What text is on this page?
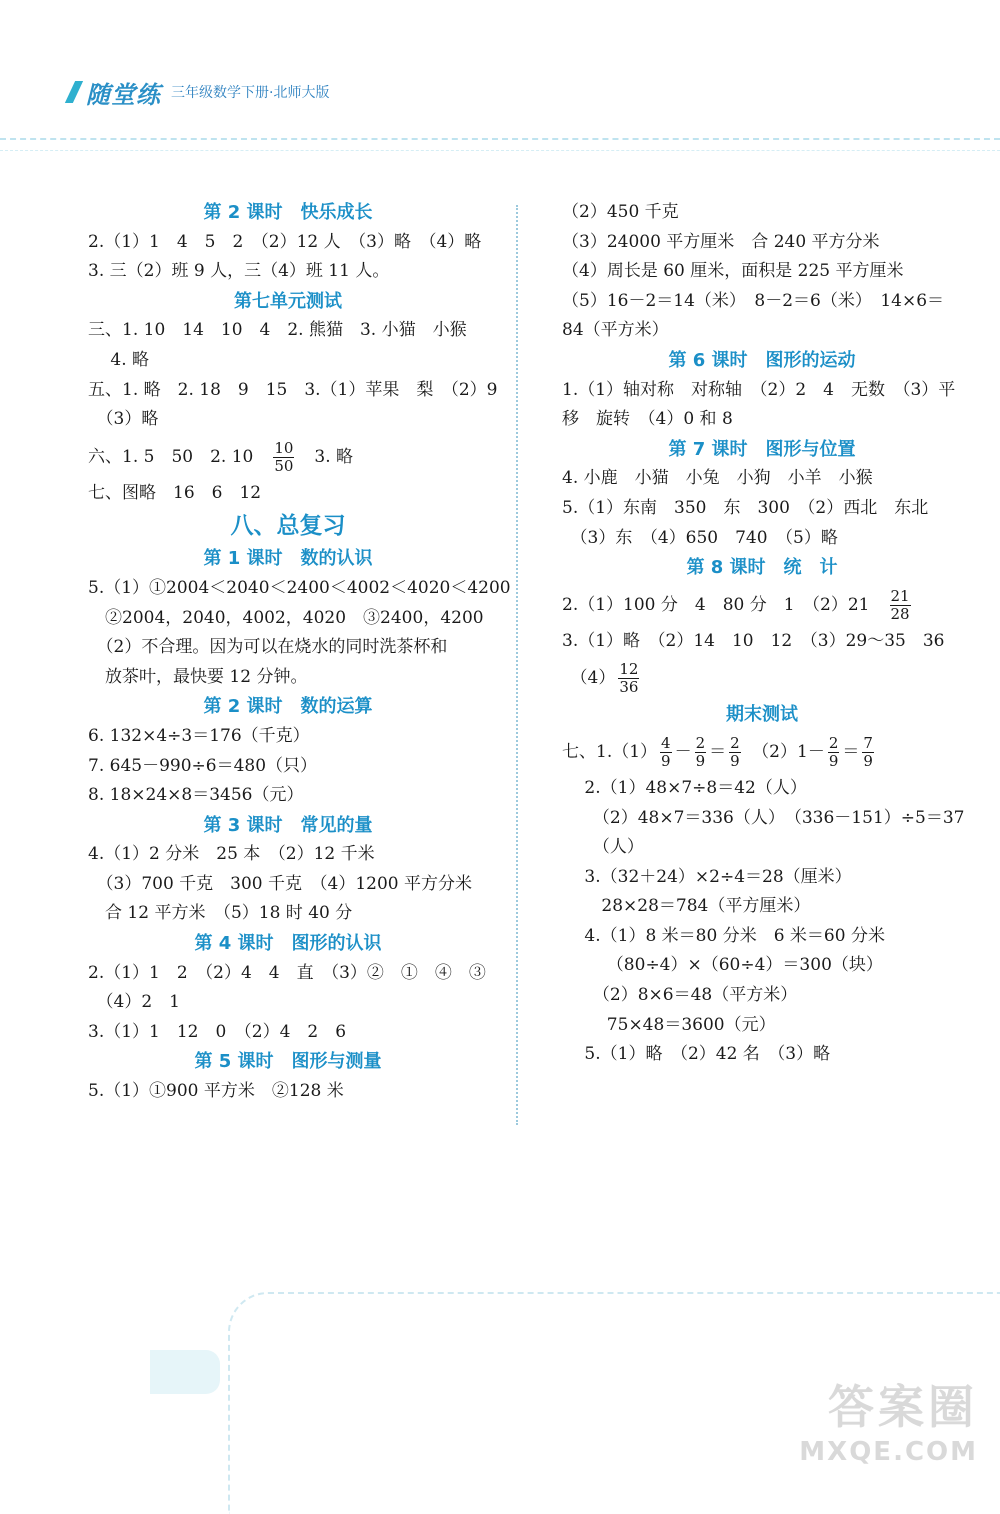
随堂练 三年级数学下册·北师大版
第 2 课时　快乐成长
2.（1）1　4　5　2　（2）12 人　（3）略　（4）略
3. 三（2）班 9 人，三（4）班 11 人。
第七单元测试
三、1. 10　14　10　4　2. 熊猫　3. 小猫　小猴
　 4. 略
五、1. 略　2. 18　9　15　3.（1）苹果　梨　（2）9
　（3）略
六、1. 5　50　2. 10　 $\frac{10}{50}$ 　3. 略
七、图略　16　6　12
八、总复习
第 1 课时　数的认识
5.（1）①2004＜2040＜2400＜4002＜4020＜4200
　②2004，2040，4002，4020　③2400，4200
　（2）不合理。因为可以在烧水的同时洗茶杯和
　放茶叶，最快要 12 分钟。
第 2 课时　数的运算
6. 132×4÷3＝176（千克）
7. 645－990÷6＝480（只）
8. 18×24×8＝3456（元）
第 3 课时　常见的量
4.（1）2 分米　25 本　（2）12 千米
　（3）700 千克　300 千克　（4）1200 平方分米
　合 12 平方米　（5）18 时 40 分
第 4 课时　图形的认识
2.（1）1　2　（2）4　4　直　（3）②　①　④　③
　（4）2　1
3.（1）1　12　0　（2）4　2　6
第 5 课时　图形与测量
5.（1）①900 平方米　②128 米
（2）450 千克
（3）24000 平方厘米　合 240 平方分米
（4）周长是 60 厘米，面积是 225 平方厘米
（5）16－2＝14（米）　8－2＝6（米）　14×6＝
84（平方米）
第 6 课时　图形的运动
1.（1）轴对称　对称轴　（2）2　4　无数　（3）平
移　旋转　（4）0 和 8
第 7 课时　图形与位置
4. 小鹿　小猫　小兔　小狗　小羊　小猴
5.（1）东南　350　东　300　（2）西北　东北
　（3）东　（4）650　740　（5）略
第 8 课时　统　计
2.（1）100 分　4　80 分　1　（2）21　 $\frac{21}{28}$
3.（1）略　（2）14　10　12　（3）29～35　36
　$(4) \frac{12}{36}$
期末测试
七、$1.(1) \frac{4}{9} - \frac{2}{9} = \frac{2}{9}$ 　$(2)1- \frac{2}{9} = \frac{7}{9}$
　 2.（1）48×7÷8＝42（人）
　 　（2）48×7＝336（人）　（336－151）÷5＝37
　 　（人）
　 3.（32＋24）×2÷4＝28（厘米）
　 　28×28＝784（平方厘米）
　 4.（1）8 米＝80 分米　6 米＝60 分米
　 　 （80÷4）×（60÷4）＝300（块）
　 　（2）8×6＝48（平方米）
　 　 75×48＝3600（元）
　 5.（1）略　（2）42 名　（3）略
答案圈
MXQE.COM
